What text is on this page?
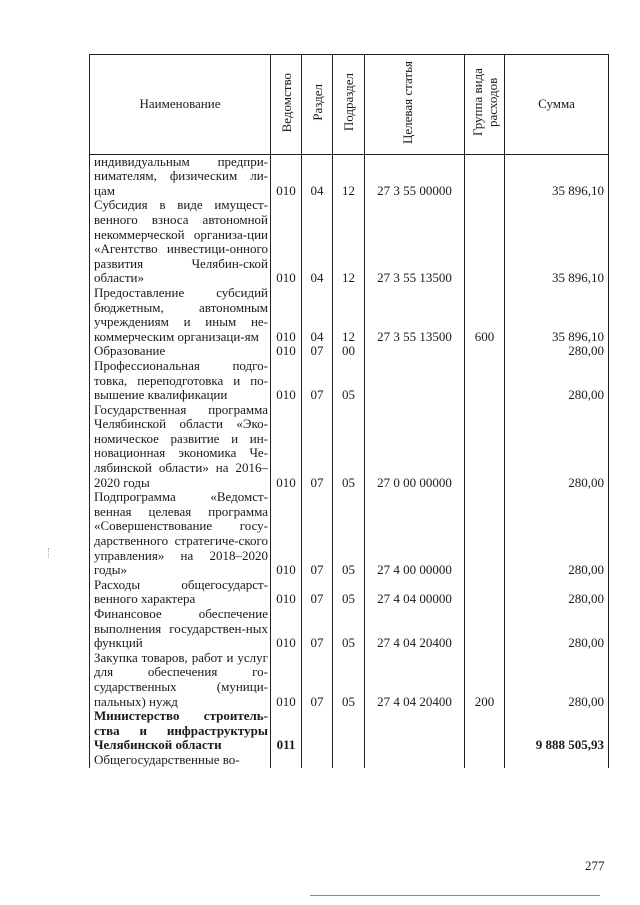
Наименование	Ведомство	Раздел	Подраздел	Целевая статья	Группа вида расходов	Сумма
индивидуальным предпри-нимателям, физическим ли-цам	010	04	12	27 3 55 00000		35 896,10
Субсидия в виде имущест-венного взноса автономной некоммерческой организа-ции «Агентство инвестици-онного развития Челябин-ской области»	010	04	12	27 3 55 13500		35 896,10
Предоставление субсидий бюджетным, автономным учреждениям и иным не-коммерческим организаци-ям	010	04	12	27 3 55 13500	600	35 896,10
Образование	010	07	00			280,00
Профессиональная подго-товка, переподготовка и по-вышение квалификации	010	07	05			280,00
Государственная программа Челябинской области «Эко-номическое развитие и ин-новационная экономика Че-лябинской области» на 2016–2020 годы	010	07	05	27 0 00 00000		280,00
Подпрограмма «Ведомст-венная целевая программа «Совершенствование госу-дарственного стратегиче-ского управления» на 2018–2020 годы»	010	07	05	27 4 00 00000		280,00
Расходы общегосударст-венного характера	010	07	05	27 4 04 00000		280,00
Финансовое обеспечение выполнения государствен-ных функций	010	07	05	27 4 04 20400		280,00
Закупка товаров, работ и услуг для обеспечения го-сударственных (муници-пальных) нужд	010	07	05	27 4 04 20400	200	280,00
Министерство строитель-ства и инфраструктуры Челябинской области	011					9 888 505,93
Общегосударственные во-						
277
